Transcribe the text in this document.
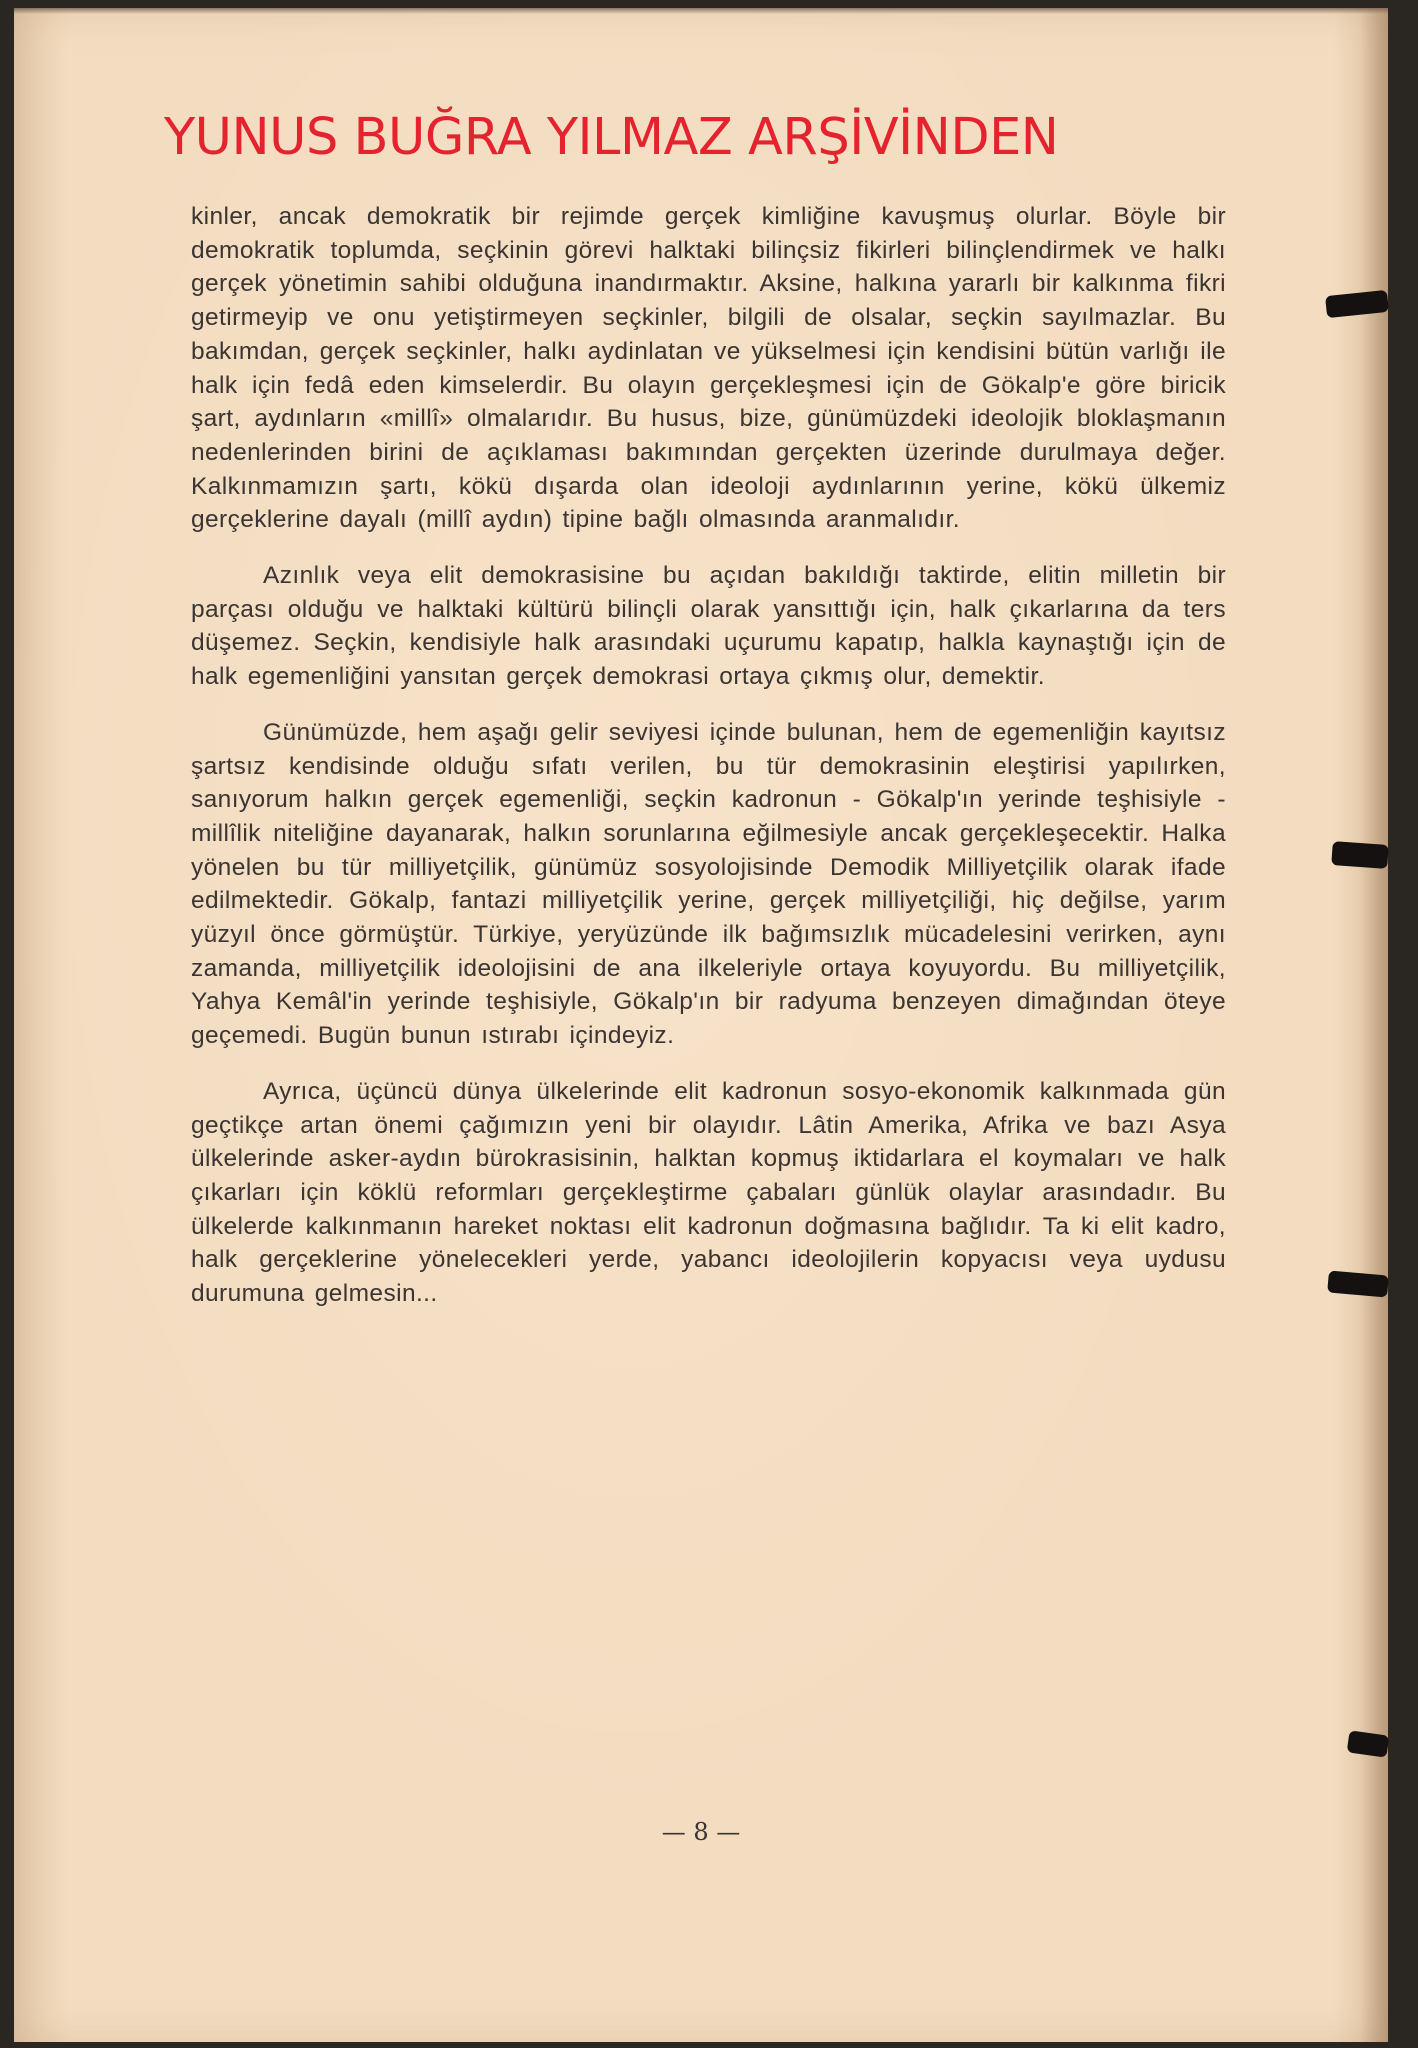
YUNUS BUĞRA YILMAZ ARŞİVİNDEN

kinler, ancak demokratik bir rejimde gerçek kimliğine kavuşmuş olurlar. Böyle bir demokratik toplumda, seçkinin görevi halktaki bilinçsiz fikirleri bilinçlendirmek ve halkı gerçek yönetimin sahibi olduğuna inandırmaktır. Aksine, halkına yararlı bir kalkınma fikri getirmeyip ve onu yetiştirmeyen seçkinler, bilgili de olsalar, seçkin sayılmazlar. Bu bakımdan, gerçek seçkinler, halkı aydinlatan ve yükselmesi için kendisini bütün varlığı ile halk için fedâ eden kimselerdir. Bu olayın gerçekleşmesi için de Gökalp'e göre biricik şart, aydınların «millî» olmalarıdır. Bu husus, bize, günümüzdeki ideolojik bloklaşmanın nedenlerinden birini de açıklaması bakımından gerçekten üzerinde durulmaya değer. Kalkınmamızın şartı, kökü dışarda olan ideoloji aydınlarının yerine, kökü ülkemiz gerçeklerine dayalı (millî aydın) tipine bağlı olmasında aranmalıdır.

Azınlık veya elit demokrasisine bu açıdan bakıldığı taktirde, elitin milletin bir parçası olduğu ve halktaki kültürü bilinçli olarak yansıttığı için, halk çıkarlarına da ters düşemez. Seçkin, kendisiyle halk arasındaki uçurumu kapatıp, halkla kaynaştığı için de halk egemenliğini yansıtan gerçek demokrasi ortaya çıkmış olur, demektir.

Günümüzde, hem aşağı gelir seviyesi içinde bulunan, hem de egemenliğin kayıtsız şartsız kendisinde olduğu sıfatı verilen, bu tür demokrasinin eleştirisi yapılırken, sanıyorum halkın gerçek egemenliği, seçkin kadronun - Gökalp'ın yerinde teşhisiyle - millîlik niteliğine dayanarak, halkın sorunlarına eğilmesiyle ancak gerçekleşecektir. Halka yönelen bu tür milliyetçilik, günümüz sosyolojisinde Demodik Milliyetçilik olarak ifade edilmektedir. Gökalp, fantazi milliyetçilik yerine, gerçek milliyetçiliği, hiç değilse, yarım yüzyıl önce görmüştür. Türkiye, yeryüzünde ilk bağımsızlık mücadelesini verirken, aynı zamanda, milliyetçilik ideolojisini de ana ilkeleriyle ortaya koyuyordu. Bu milliyetçilik, Yahya Kemâl'in yerinde teşhisiyle, Gökalp'ın bir radyuma benzeyen dimağından öteye geçemedi. Bugün bunun ıstırabı içindeyiz.

Ayrıca, üçüncü dünya ülkelerinde elit kadronun sosyo-ekonomik kalkınmada gün geçtikçe artan önemi çağımızın yeni bir olayıdır. Lâtin Amerika, Afrika ve bazı Asya ülkelerinde asker-aydın bürokrasisinin, halktan kopmuş iktidarlara el koymaları ve halk çıkarları için köklü reformları gerçekleştirme çabaları günlük olaylar arasındadır. Bu ülkelerde kalkınmanın hareket noktası elit kadronun doğmasına bağlıdır. Ta ki elit kadro, halk gerçeklerine yönelecekleri yerde, yabancı ideolojilerin kopyacısı veya uydusu durumuna gelmesin...

— 8 —
